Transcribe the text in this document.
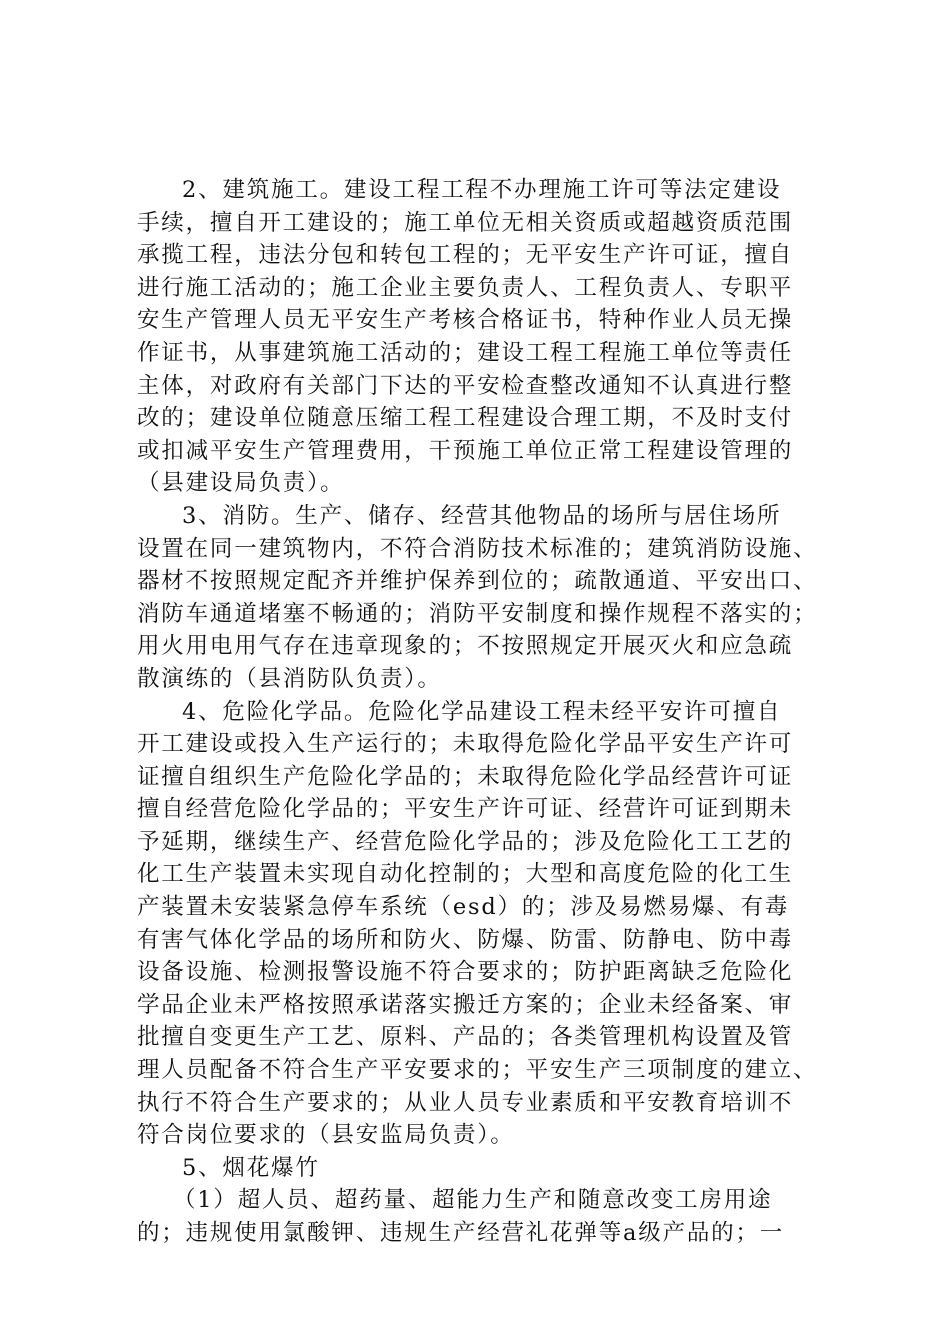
2、建筑施工。建设工程工程不办理施工许可等法定建设
手续，擅自开工建设的；施工单位无相关资质或超越资质范围
承揽工程，违法分包和转包工程的；无平安生产许可证，擅自
进行施工活动的；施工企业主要负责人、工程负责人、专职平
安生产管理人员无平安生产考核合格证书，特种作业人员无操
作证书，从事建筑施工活动的；建设工程工程施工单位等责任
主体，对政府有关部门下达的平安检查整改通知不认真进行整
改的；建设单位随意压缩工程工程建设合理工期，不及时支付
或扣减平安生产管理费用，干预施工单位正常工程建设管理的
（县建设局负责）。
3、消防。生产、储存、经营其他物品的场所与居住场所
设置在同一建筑物内，不符合消防技术标准的；建筑消防设施、
器材不按照规定配齐并维护保养到位的；疏散通道、平安出口、
消防车通道堵塞不畅通的；消防平安制度和操作规程不落实的；
用火用电用气存在违章现象的；不按照规定开展灭火和应急疏
散演练的（县消防队负责）。
4、危险化学品。危险化学品建设工程未经平安许可擅自
开工建设或投入生产运行的；未取得危险化学品平安生产许可
证擅自组织生产危险化学品的；未取得危险化学品经营许可证
擅自经营危险化学品的；平安生产许可证、经营许可证到期未
予延期，继续生产、经营危险化学品的；涉及危险化工工艺的
化工生产装置未实现自动化控制的；大型和高度危险的化工生
产装置未安装紧急停车系统（esd）的；涉及易燃易爆、有毒
有害气体化学品的场所和防火、防爆、防雷、防静电、防中毒
设备设施、检测报警设施不符合要求的；防护距离缺乏危险化
学品企业未严格按照承诺落实搬迁方案的；企业未经备案、审
批擅自变更生产工艺、原料、产品的；各类管理机构设置及管
理人员配备不符合生产平安要求的；平安生产三项制度的建立、
执行不符合生产要求的；从业人员专业素质和平安教育培训不
符合岗位要求的（县安监局负责）。
5、烟花爆竹
（1）超人员、超药量、超能力生产和随意改变工房用途
的；违规使用氯酸钾、违规生产经营礼花弹等a级产品的；一
